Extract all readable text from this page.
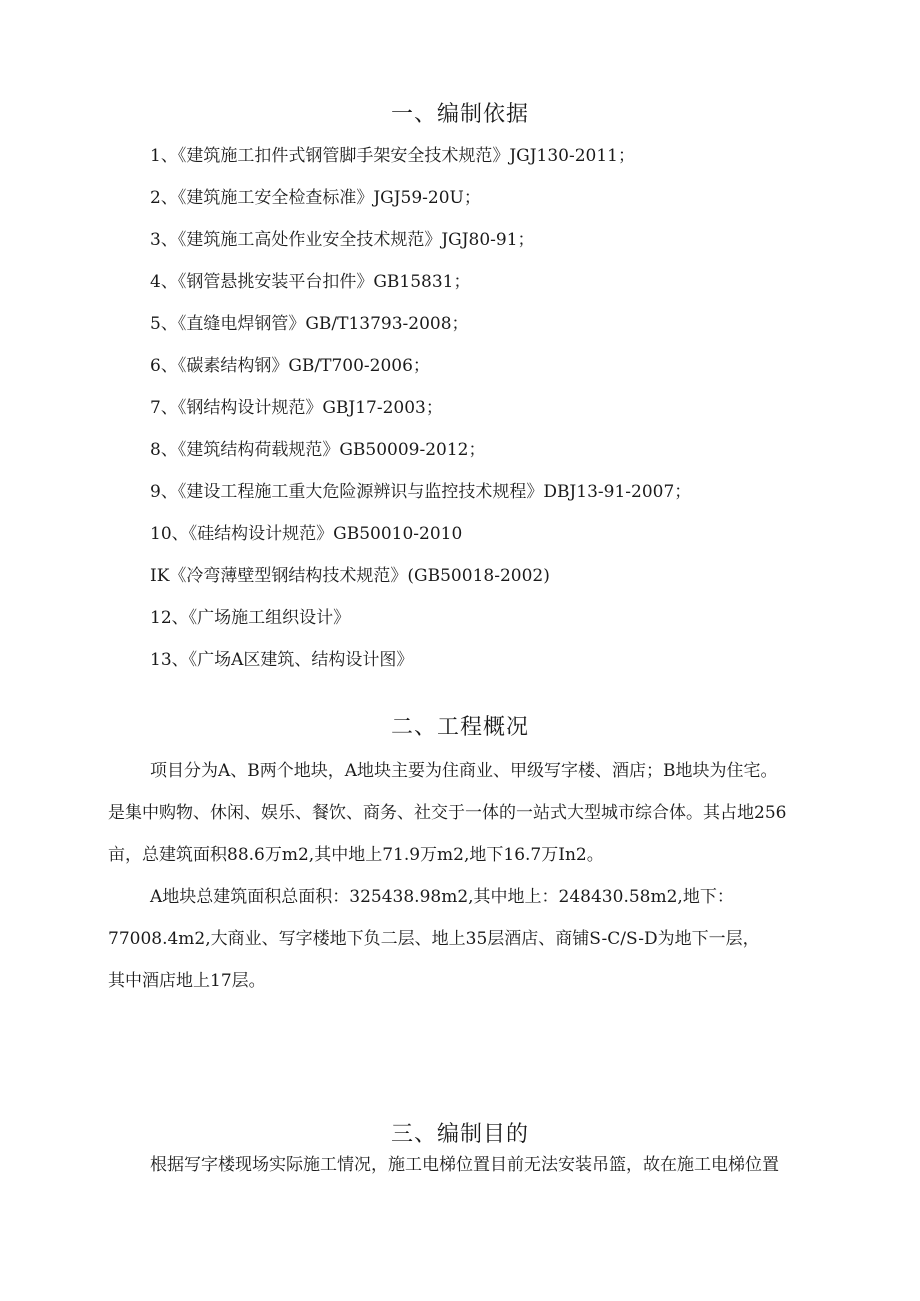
一、编制依据
1、《建筑施工扣件式钢管脚手架安全技术规范》JGJ130-2011；
2、《建筑施工安全检查标准》JGJ59-20U；
3、《建筑施工高处作业安全技术规范》JGJ80-91；
4、《钢管悬挑安装平台扣件》GB15831；
5、《直缝电焊钢管》GB/T13793-2008；
6、《碳素结构钢》GB/T700-2006；
7、《钢结构设计规范》GBJ17-2003；
8、《建筑结构荷载规范》GB50009-2012；
9、《建设工程施工重大危险源辨识与监控技术规程》DBJ13-91-2007；
10、《硅结构设计规范》GB50010-2010
IK《冷弯薄壁型钢结构技术规范》(GB50018-2002)
12、《广场施工组织设计》
13、《广场A区建筑、结构设计图》
二、工程概况
项目分为A、B两个地块，A地块主要为住商业、甲级写字楼、酒店；B地块为住宅。
是集中购物、休闲、娱乐、餐饮、商务、社交于一体的一站式大型城市综合体。其占地256
亩，总建筑面积88.6万m2,其中地上71.9万m2,地下16.7万In2。
A地块总建筑面积总面积：325438.98m2,其中地上：248430.58m2,地下：
77008.4m2,大商业、写字楼地下负二层、地上35层酒店、商铺S-C/S-D为地下一层，
其中酒店地上17层。
三、编制目的
根据写字楼现场实际施工情况，施工电梯位置目前无法安装吊篮，故在施工电梯位置
